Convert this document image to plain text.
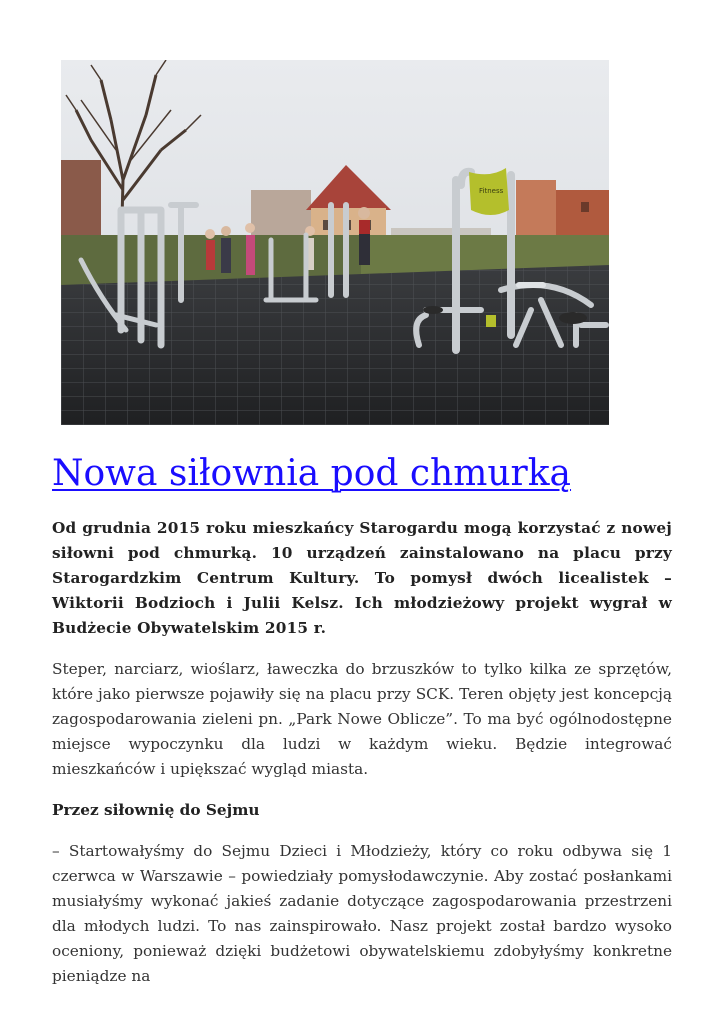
Fitness
Nowa siłownia pod chmurką

Od grudnia 2015 roku mieszkańcy Starogardu mogą korzystać z nowej siłowni pod chmurką. 10 urządzeń zainstalowano na placu przy Starogardzkim Centrum Kultury. To pomysł dwóch licealistek – Wiktorii Bodzioch i Julii Kelsz. Ich młodzieżowy projekt wygrał w Budżecie Obywatelskim 2015 r.

Steper, narciarz, wioślarz, ławeczka do brzuszków to tylko kilka ze sprzętów, które jako pierwsze pojawiły się na placu przy SCK. Teren objęty jest koncepcją zagospodarowania zieleni pn. „Park Nowe Oblicze”. To ma być ogólnodostępne miejsce wypoczynku dla ludzi w każdym wieku. Będzie integrować mieszkańców i upiększać wygląd miasta.

Przez siłownię do Sejmu

– Startowałyśmy do Sejmu Dzieci i Młodzieży, który co roku odbywa się 1 czerwca w Warszawie – powiedziały pomysłodawczynie. Aby zostać posłankami musiałyśmy wykonać jakieś zadanie dotyczące zagospodarowania przestrzeni dla młodych ludzi. To nas zainspirowało. Nasz projekt został bardzo wysoko oceniony, ponieważ dzięki budżetowi obywatelskiemu zdobyłyśmy konkretne pieniądze na
